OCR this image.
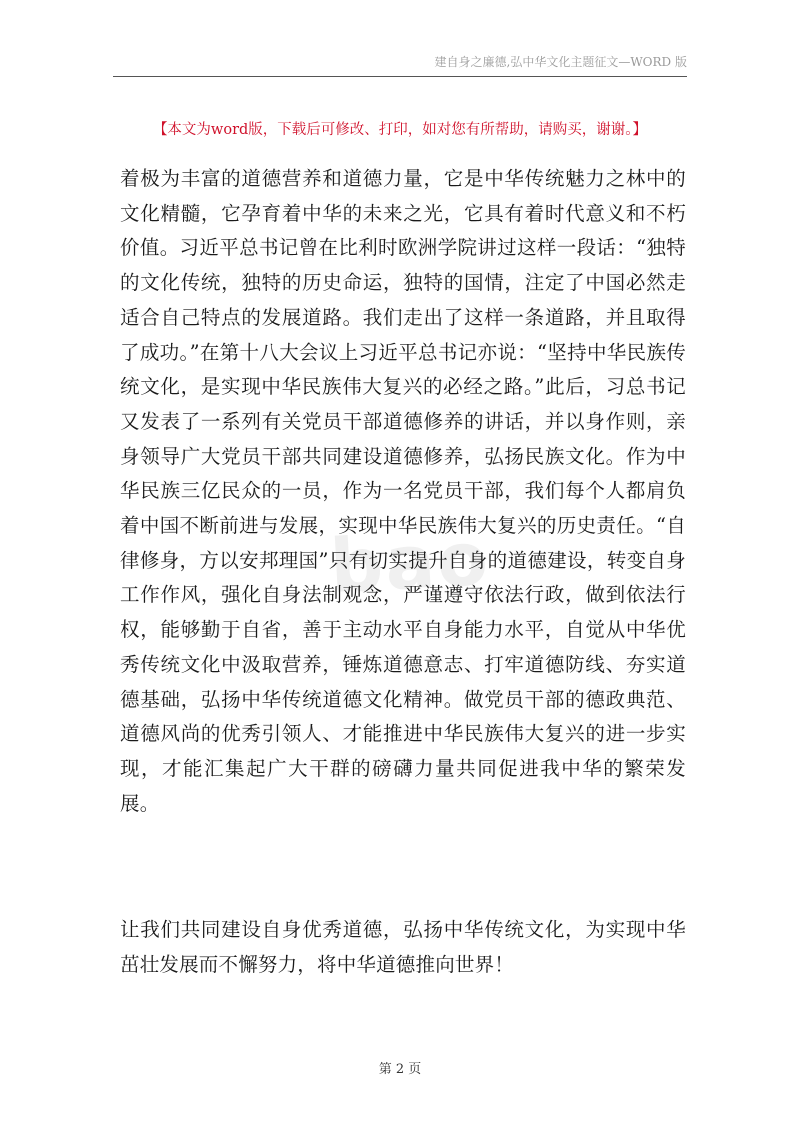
建自身之廉德,弘中华文化主题征文—WORD 版
【本文为word版，下载后可修改、打印，如对您有所帮助，请购买，谢谢。】
bao
着极为丰富的道德营养和道德力量，它是中华传统魅力之林中的文化精髓，它孕育着中华的未来之光，它具有着时代意义和不朽价值。习近平总书记曾在比利时欧洲学院讲过这样一段话：“独特的文化传统，独特的历史命运，独特的国情，注定了中国必然走适合自己特点的发展道路。我们走出了这样一条道路，并且取得了成功。”在第十八大会议上习近平总书记亦说：“坚持中华民族传统文化，是实现中华民族伟大复兴的必经之路。”此后，习总书记又发表了一系列有关党员干部道德修养的讲话，并以身作则，亲身领导广大党员干部共同建设道德修养，弘扬民族文化。作为中华民族三亿民众的一员，作为一名党员干部，我们每个人都肩负着中国不断前进与发展，实现中华民族伟大复兴的历史责任。“自律修身，方以安邦理国”只有切实提升自身的道德建设，转变自身工作作风，强化自身法制观念，严谨遵守依法行政，做到依法行权，能够勤于自省，善于主动水平自身能力水平，自觉从中华优秀传统文化中汲取营养，锤炼道德意志、打牢道德防线、夯实道德基础，弘扬中华传统道德文化精神。做党员干部的德政典范、道德风尚的优秀引领人、才能推进中华民族伟大复兴的进一步实现，才能汇集起广大干群的磅礴力量共同促进我中华的繁荣发展。
让我们共同建设自身优秀道德，弘扬中华传统文化，为实现中华茁壮发展而不懈努力，将中华道德推向世界！
第 2 页
